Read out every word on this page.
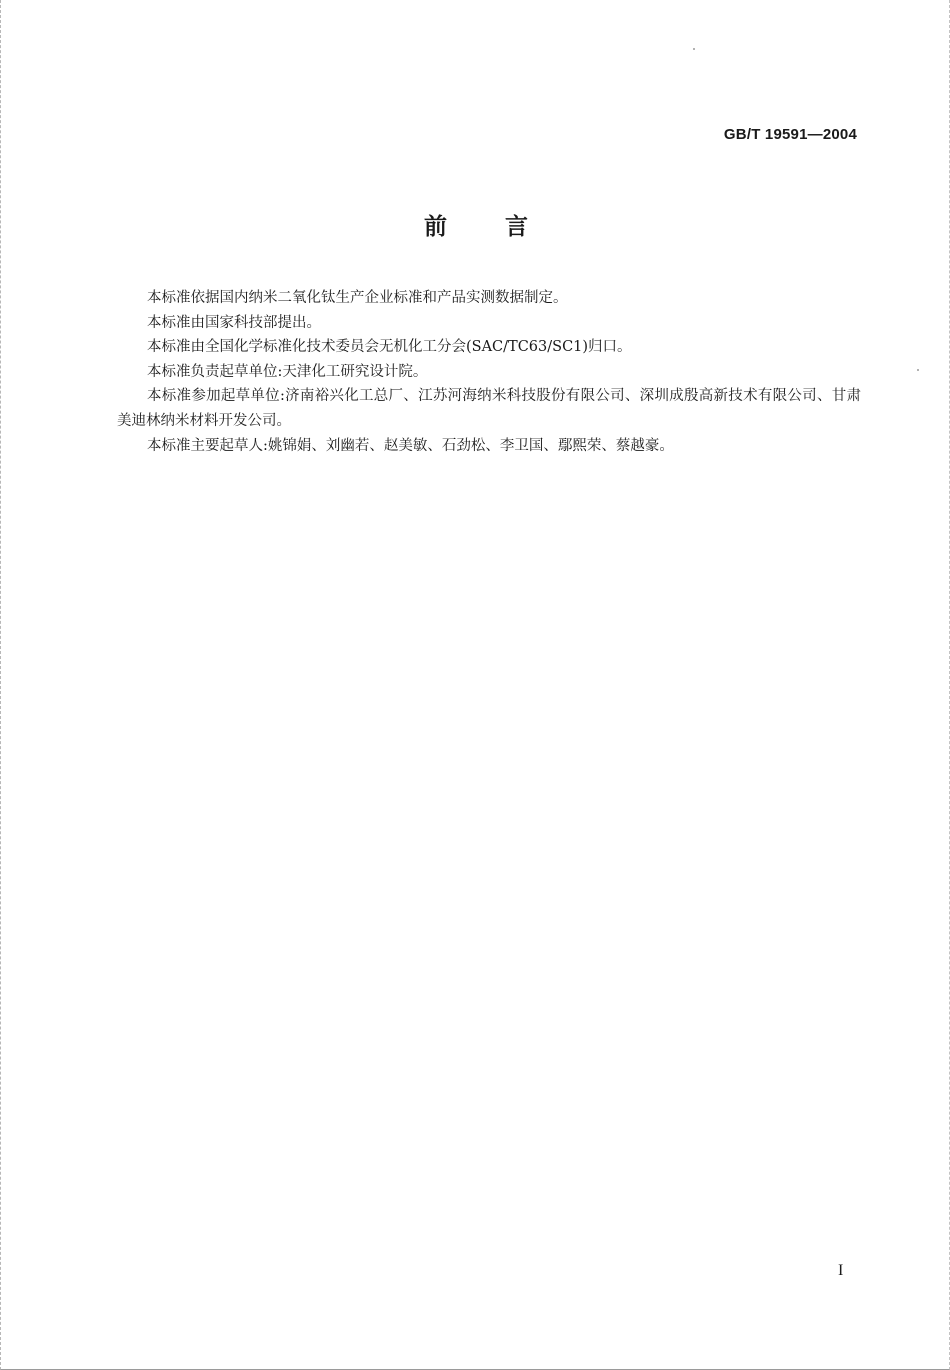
GB/T 19591—2004
前言

本标准依据国内纳米二氧化钛生产企业标准和产品实测数据制定。

本标准由国家科技部提出。

本标准由全国化学标准化技术委员会无机化工分会(SAC/TC63/SC1)归口。

本标准负责起草单位:天津化工研究设计院。

本标准参加起草单位:济南裕兴化工总厂、江苏河海纳米科技股份有限公司、深圳成殷高新技术有限公司、甘肃美迪林纳米材料开发公司。

本标准主要起草人:姚锦娟、刘幽若、赵美敏、石劲松、李卫国、鄢熙荣、蔡越豪。

I
